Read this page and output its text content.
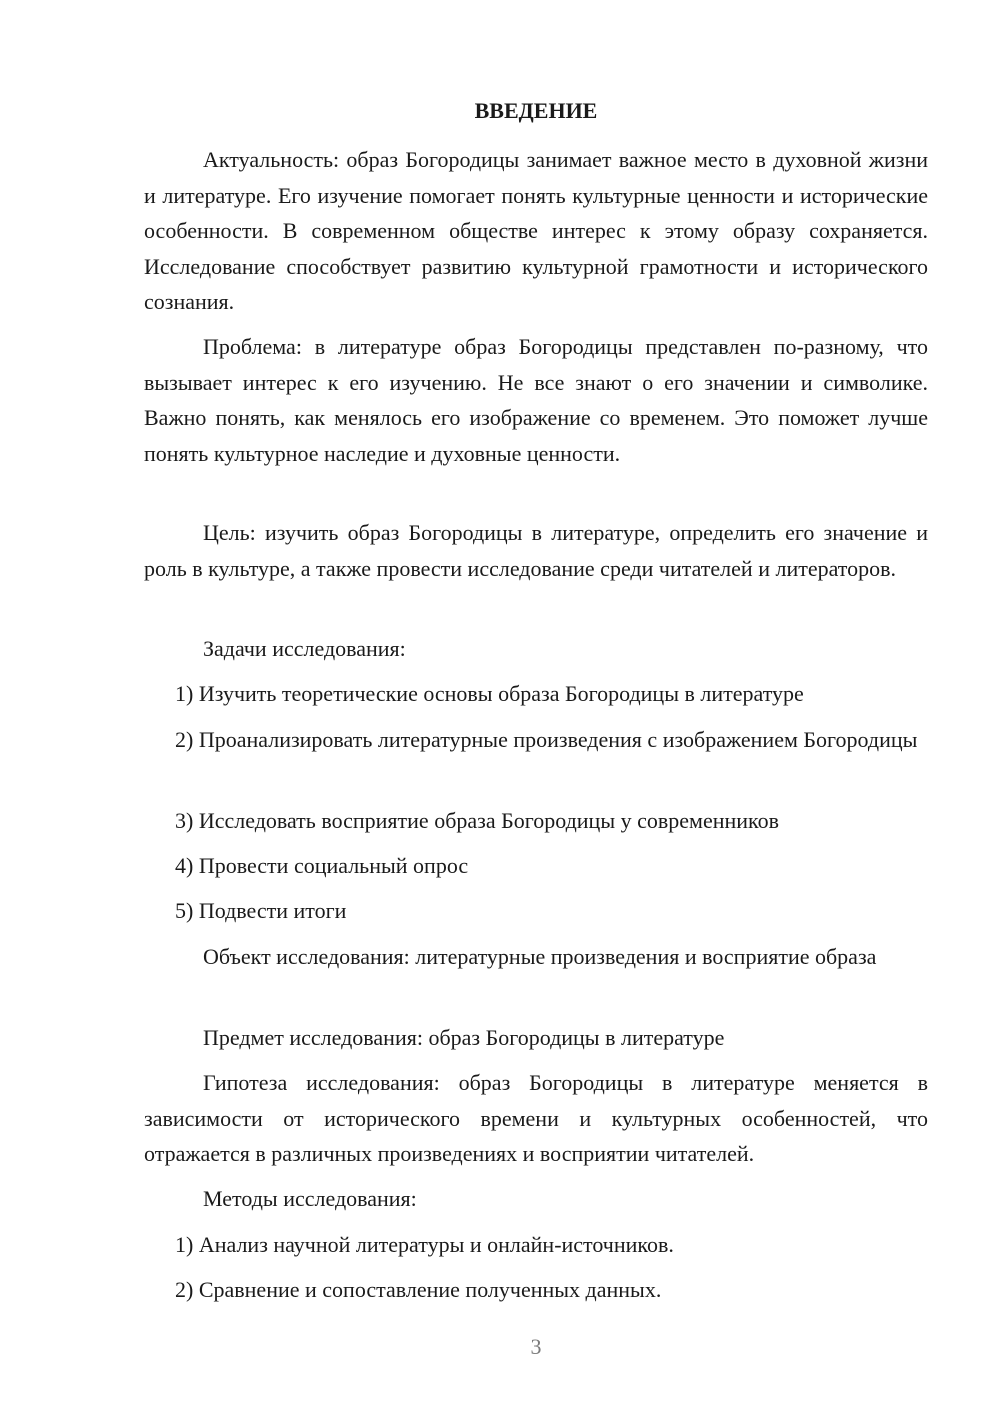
ВВЕДЕНИЕ

Актуальность: образ Богородицы занимает важное место в духовной жизни и литературе. Его изучение помогает понять культурные ценности и исторические особенности. В современном обществе интерес к этому образу сохраняется. Исследование способствует развитию культурной грамотности и исторического сознания.

Проблема: в литературе образ Богородицы представлен по-разному, что вызывает интерес к его изучению. Не все знают о его значении и символике. Важно понять, как менялось его изображение со временем. Это поможет лучше понять культурное наследие и духовные ценности.

Цель: изучить образ Богородицы в литературе, определить его значение и роль в культуре, а также провести исследование среди читателей и литераторов.

Задачи исследования:

1) Изучить теоретические основы образа Богородицы в литературе

2) Проанализировать литературные произведения с изображением Богородицы

3) Исследовать восприятие образа Богородицы у современников

4) Провести социальный опрос

5) Подвести итоги

Объект исследования: литературные произведения и восприятие образа

Предмет исследования: образ Богородицы в литературе

Гипотеза исследования: образ Богородицы в литературе меняется в зависимости от исторического времени и культурных особенностей, что отражается в различных произведениях и восприятии читателей.

Методы исследования:

1) Анализ научной литературы и онлайн-источников.

2) Сравнение и сопоставление полученных данных.

3
